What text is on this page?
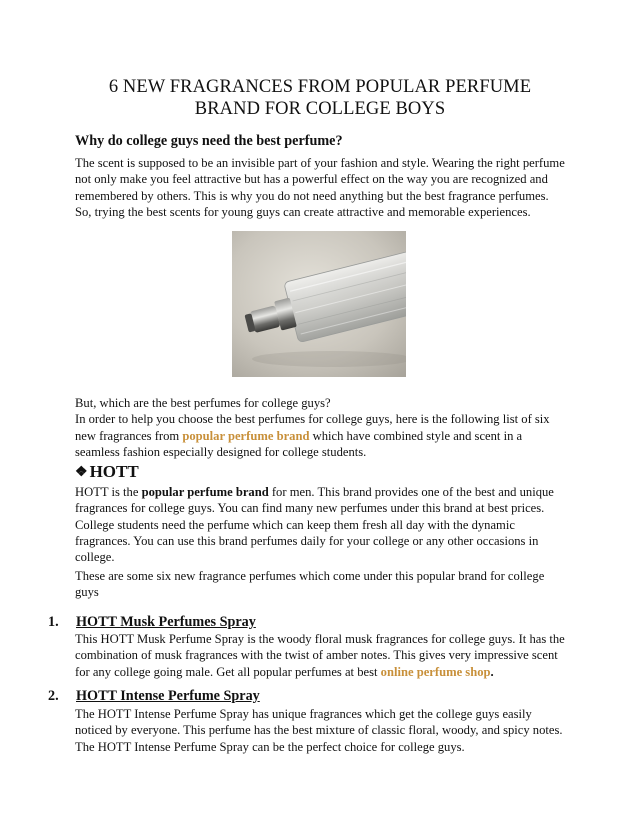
6 NEW FRAGRANCES FROM POPULAR PERFUME
BRAND FOR COLLEGE BOYS
Why do college guys need the best perfume?
The scent is supposed to be an invisible part of your fashion and style. Wearing the right perfume
not only make you feel attractive but has a powerful effect on the way you are recognized and
remembered by others. This is why you do not need anything but the best fragrance perfumes.
So, trying the best scents for young guys can create attractive and memorable experiences.
But, which are the best perfumes for college guys?
In order to help you choose the best perfumes for college guys, here is the following list of six
new fragrances from popular perfume brand which have combined style and scent in a
seamless fashion especially designed for college students.
❖ HOTT
HOTT is the popular perfume brand for men. This brand provides one of the best and unique
fragrances for college guys. You can find many new perfumes under this brand at best prices.
College students need the perfume which can keep them fresh all day with the dynamic
fragrances. You can use this brand perfumes daily for your college or any other occasions in
college.
These are some six new fragrance perfumes which come under this popular brand for college
guys
1. HOTT Musk Perfumes Spray
This HOTT Musk Perfume Spray is the woody floral musk fragrances for college guys. It has the
combination of musk fragrances with the twist of amber notes. This gives very impressive scent
for any college going male. Get all popular perfumes at best online perfume shop.
2. HOTT Intense Perfume Spray
The HOTT Intense Perfume Spray has unique fragrances which get the college guys easily
noticed by everyone. This perfume has the best mixture of classic floral, woody, and spicy notes.
The HOTT Intense Perfume Spray can be the perfect choice for college guys.
